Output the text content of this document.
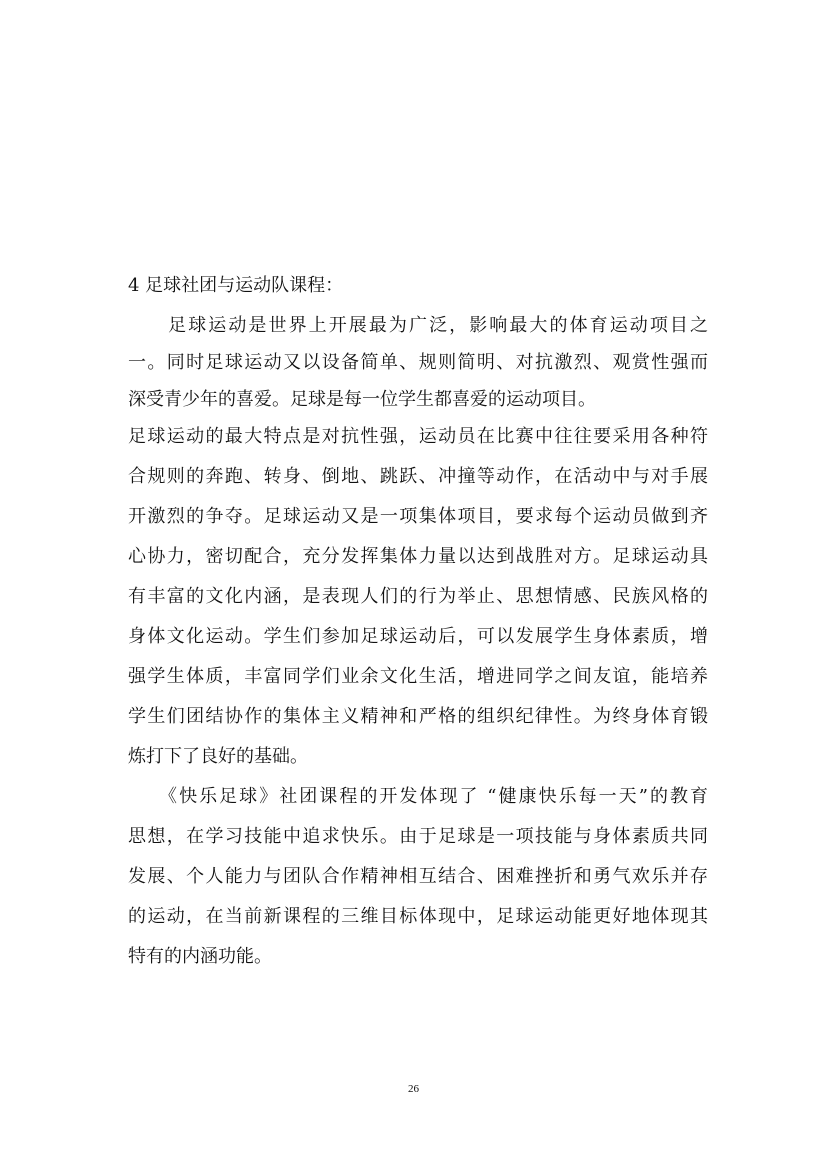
4 足球社团与运动队课程：
　　足球运动是世界上开展最为广泛，影响最大的体育运动项目之
一。同时足球运动又以设备简单、规则简明、对抗激烈、观赏性强而
深受青少年的喜爱。足球是每一位学生都喜爱的运动项目。
足球运动的最大特点是对抗性强，运动员在比赛中往往要采用各种符
合规则的奔跑、转身、倒地、跳跃、冲撞等动作，在活动中与对手展
开激烈的争夺。足球运动又是一项集体项目，要求每个运动员做到齐
心协力，密切配合，充分发挥集体力量以达到战胜对方。足球运动具
有丰富的文化内涵，是表现人们的行为举止、思想情感、民族风格的
身体文化运动。学生们参加足球运动后，可以发展学生身体素质，增
强学生体质，丰富同学们业余文化生活，增进同学之间友谊，能培养
学生们团结协作的集体主义精神和严格的组织纪律性。为终身体育锻
炼打下了良好的基础。
　　《快乐足球》社团课程的开发体现了 “健康快乐每一天”的教育
思想，在学习技能中追求快乐。由于足球是一项技能与身体素质共同
发展、个人能力与团队合作精神相互结合、困难挫折和勇气欢乐并存
的运动，在当前新课程的三维目标体现中，足球运动能更好地体现其
特有的内涵功能。
26
